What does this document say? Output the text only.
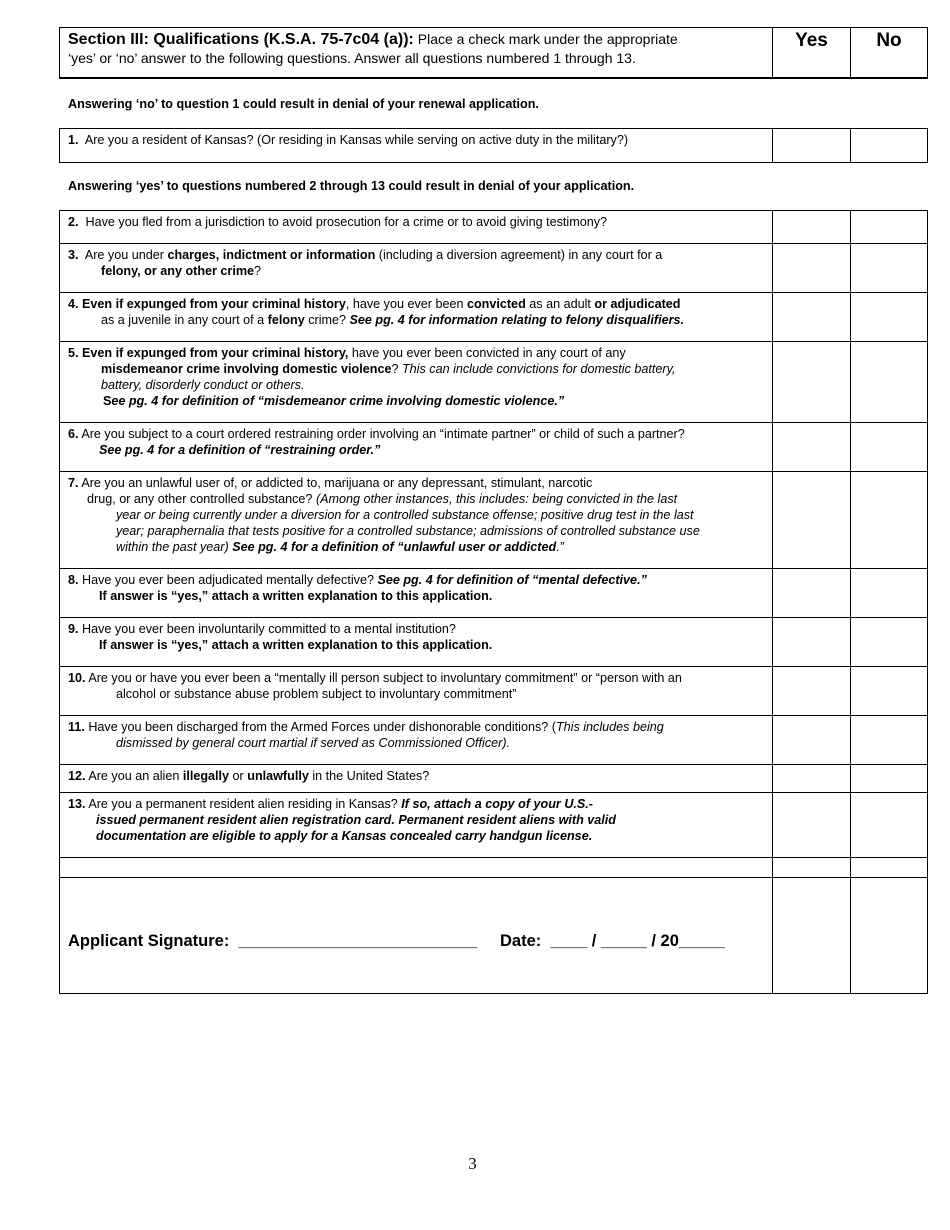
Section III: Qualifications (K.S.A. 75-7c04 (a)): Place a check mark under the appropriate
‘yes’ or ‘no’ answer to the following questions. Answer all questions numbered 1 through 13.	Yes	No
Answering ‘no’ to question 1 could result in denial of your renewal application.
1. Are you a resident of Kansas? (Or residing in Kansas while serving on active duty in the military?)		
Answering ‘yes’ to questions numbered 2 through 13 could result in denial of your application.
2. Have you fled from a jurisdiction to avoid prosecution for a crime or to avoid giving testimony?		
3. Are you under charges, indictment or information (including a diversion agreement) in any court for a

felony, or any other crime?		

4. Even if expunged from your criminal history, have you ever been convicted as an adult or adjudicated
as a juvenile in any court of a felony crime? See pg. 4 for information relating to felony disqualifiers.		

5. Even if expunged from your criminal history, have you ever been convicted in any court of any
misdemeanor crime involving domestic violence? This can include convictions for domestic battery,
battery, disorderly conduct or others.
See pg. 4 for definition of “misdemeanor crime involving domestic violence.”		

6. Are you subject to a court ordered restraining order involving an “intimate partner” or child of such a partner?
See pg. 4 for a definition of “restraining order.”		

7. Are you an unlawful user of, or addicted to, marijuana or any depressant, stimulant, narcotic
drug, or any other controlled substance? (Among other instances, this includes: being convicted in the last
year or being currently under a diversion for a controlled substance offense; positive drug test in the last
year; paraphernalia that tests positive for a controlled substance; admissions of controlled substance use
within the past year) See pg. 4 for a definition of “unlawful user or addicted.”		

8. Have you ever been adjudicated mentally defective? See pg. 4 for definition of “mental defective.”
If answer is “yes,” attach a written explanation to this application.		

9. Have you ever been involuntarily committed to a mental institution?
If answer is “yes,” attach a written explanation to this application.		

10. Are you or have you ever been a “mentally ill person subject to involuntary commitment” or “person with an
alcohol or substance abuse problem subject to involuntary commitment”		

11. Have you been discharged from the Armed Forces under dishonorable conditions? (This includes being
dismissed by general court martial if served as Commissioned Officer).		

12. Are you an alien illegally or unlawfully in the United States?		
13. Are you a permanent resident alien residing in Kansas? If so, attach a copy of your U.S.-
issued permanent resident alien registration card. Permanent resident aliens with valid
documentation are eligible to apply for a Kansas concealed carry handgun license.		

Applicant Signature:  __________________________     Date:  ____ / _____ / 20_____
3
